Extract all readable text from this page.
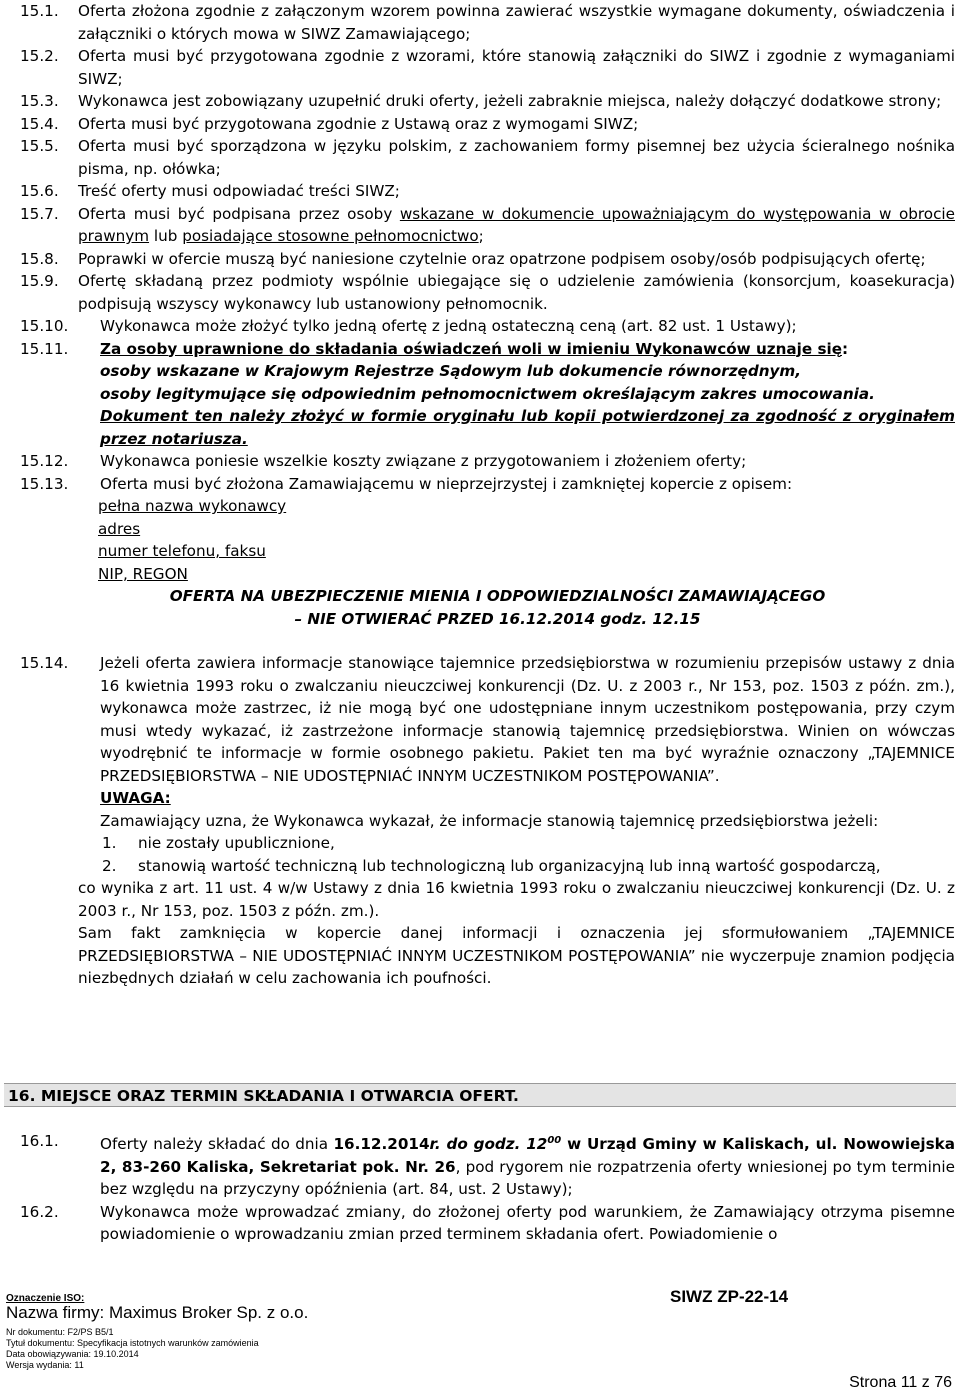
15.1.	Oferta złożona zgodnie z załączonym wzorem powinna zawierać wszystkie wymagane dokumenty, oświadczenia i załączniki o których mowa w SIWZ Zamawiającego;
15.2.	Oferta musi być przygotowana zgodnie z wzorami, które stanowią załączniki do SIWZ i zgodnie z wymaganiami SIWZ;
15.3.	Wykonawca jest zobowiązany uzupełnić druki oferty, jeżeli zabraknie miejsca, należy dołączyć dodatkowe strony;
15.4.	Oferta musi być przygotowana zgodnie z Ustawą oraz z wymogami SIWZ;
15.5.	Oferta musi być sporządzona w języku polskim, z zachowaniem formy pisemnej bez użycia ścieralnego nośnika pisma, np. ołówka;
15.6.	Treść oferty musi odpowiadać treści SIWZ;
15.7.	Oferta musi być podpisana przez osoby wskazane w dokumencie upoważniającym do występowania w obrocie prawnym lub posiadające stosowne pełnomocnictwo;
15.8.	Poprawki w ofercie muszą być naniesione czytelnie oraz opatrzone podpisem osoby/osób podpisujących ofertę;
15.9.	Ofertę składaną przez podmioty wspólnie ubiegające się o udzielenie zamówienia (konsorcjum, koasekuracja) podpisują wszyscy wykonawcy lub ustanowiony pełnomocnik.
15.10.	Wykonawca może złożyć tylko jedną ofertę z jedną ostateczną ceną (art. 82 ust. 1 Ustawy);
15.11.	Za osoby uprawnione do składania oświadczeń woli w imieniu Wykonawców uznaje się:
osoby wskazane w Krajowym Rejestrze Sądowym lub dokumencie równorzędnym,
osoby legitymujące się odpowiednim pełnomocnictwem określającym zakres umocowania.
Dokument ten należy złożyć w formie oryginału lub kopii potwierdzonej za zgodność z oryginałem przez notariusza.
15.12.	Wykonawca poniesie wszelkie koszty związane z przygotowaniem i złożeniem oferty;
15.13.	Oferta musi być złożona Zamawiającemu w nieprzejrzystej i zamkniętej kopercie z opisem:
pełna nazwa wykonawcy
adres
numer telefonu, faksu
NIP, REGON
OFERTA NA UBEZPIECZENIE MIENIA I ODPOWIEDZIALNOŚCI ZAMAWIAJĄCEGO
– NIE OTWIERAĆ PRZED 16.12.2014 godz. 12.15
15.14.	Jeżeli oferta zawiera informacje stanowiące tajemnice przedsiębiorstwa w rozumieniu przepisów ustawy z dnia 16 kwietnia 1993 roku o zwalczaniu nieuczciwej konkurencji (Dz. U. z 2003 r., Nr 153, poz. 1503 z późn. zm.), wykonawca może zastrzec, iż nie mogą być one udostępniane innym uczestnikom postępowania, przy czym musi wtedy wykazać, iż zastrzeżone informacje stanowią tajemnicę przedsiębiorstwa. Winien on wówczas wyodrębnić te informacje w formie osobnego pakietu. Pakiet ten ma być wyraźnie oznaczony „TAJEMNICE PRZEDSIĘBIORSTWA – NIE UDOSTĘPNIAĆ INNYM UCZESTNIKOM POSTĘPOWANIA”.
UWAGA:
Zamawiający uzna, że Wykonawca wykazał, że informacje stanowią tajemnicę przedsiębiorstwa jeżeli:
1.	nie zostały upublicznione,
2.	stanowią wartość techniczną lub technologiczną lub organizacyjną lub inną wartość gospodarczą,
co wynika z art. 11 ust. 4 w/w Ustawy z dnia 16 kwietnia 1993 roku o zwalczaniu nieuczciwej konkurencji (Dz. U. z 2003 r., Nr 153, poz. 1503 z późn. zm.).
Sam fakt zamknięcia w kopercie danej informacji i oznaczenia jej sformułowaniem „TAJEMNICE PRZEDSIĘBIORSTWA – NIE UDOSTĘPNIAĆ INNYM UCZESTNIKOM POSTĘPOWANIA” nie wyczerpuje znamion podjęcia niezbędnych działań w celu zachowania ich poufności.
16. MIEJSCE ORAZ TERMIN SKŁADANIA I OTWARCIA OFERT.
16.1.	Oferty należy składać do dnia 16.12.2014r. do godz. $12^{00}$ w Urząd Gminy w Kaliskach, ul. Nowowiejska 2, 83-260 Kaliska, Sekretariat pok. Nr. 26, pod rygorem nie rozpatrzenia oferty wniesionej po tym terminie bez względu na przyczyny opóźnienia (art. 84, ust. 2 Ustawy);
16.2.	Wykonawca może wprowadzać zmiany, do złożonej oferty pod warunkiem, że Zamawiający otrzyma pisemne powiadomienie o wprowadzaniu zmian przed terminem składania ofert. Powiadomienie o
Oznaczenie ISO:
Nazwa firmy: Maximus Broker Sp. z o.o.
Nr dokumentu: F2/PS B5/1
Tytuł dokumentu: Specyfikacja istotnych warunków zamówienia
Data obowiązywania: 19.10.2014
Wersja wydania: 11
SIWZ ZP-22-14
Strona 11 z 76
